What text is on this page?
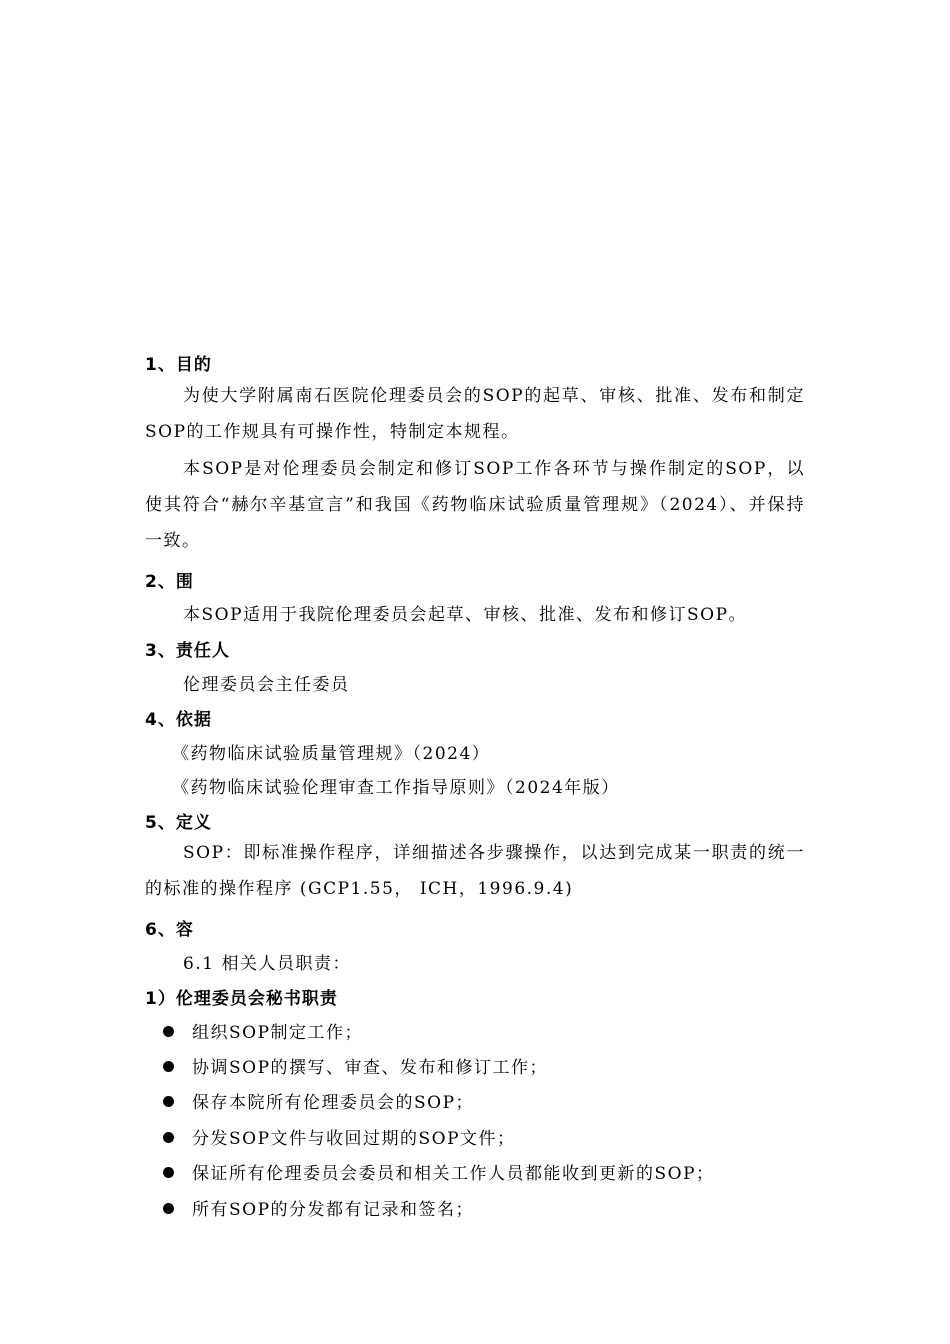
1、目的
为使大学附属南石医院伦理委员会的SOP的起草、审核、批准、发布和制定SOP的工作规具有可操作性，特制定本规程。
本SOP是对伦理委员会制定和修订SOP工作各环节与操作制定的SOP，以使其符合“赫尔辛基宣言”和我国《药物临床试验质量管理规》（2024）、并保持一致。
2、围
本SOP适用于我院伦理委员会起草、审核、批准、发布和修订SOP。
3、责任人
伦理委员会主任委员
4、依据
《药物临床试验质量管理规》（2024）
《药物临床试验伦理审查工作指导原则》（2024年版）
5、定义
SOP：即标准操作程序，详细描述各步骤操作，以达到完成某一职责的统一的标准的操作程序 (GCP1.55， ICH，1996.9.4)
6、容
6.1 相关人员职责：
1）伦理委员会秘书职责
组织SOP制定工作；
协调SOP的撰写、审查、发布和修订工作；
保存本院所有伦理委员会的SOP；
分发SOP文件与收回过期的SOP文件；
保证所有伦理委员会委员和相关工作人员都能收到更新的SOP；
所有SOP的分发都有记录和签名；
